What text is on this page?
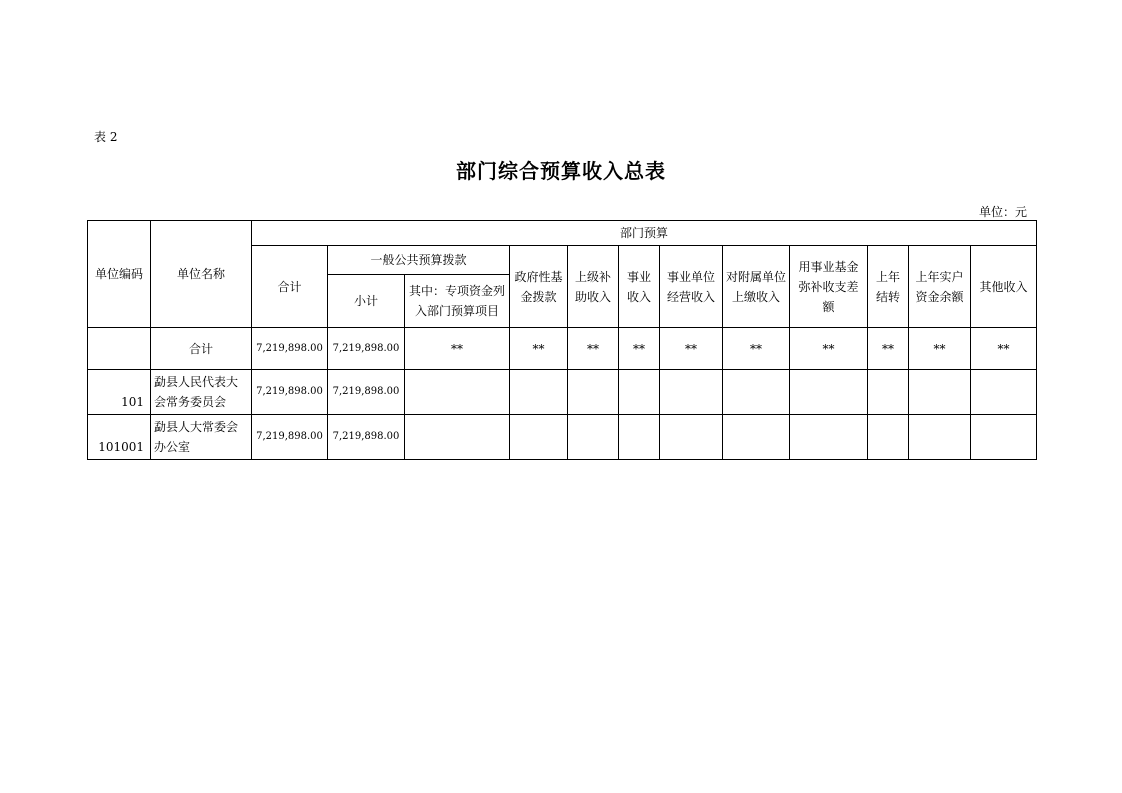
表 2
部门综合预算收入总表
单位：元
单位编码	单位名称	部门预算											
		合计	一般公共预算拨款		政府性基金拨款	上级补助收入	事业收入	事业单位经营收入	对附属单位上缴收入	用事业基金弥补收支差额	上年结转	上年实户资金余额	其他收入
			小计	其中：专项资金列入部门预算项目									
	合计	7,219,898.00	7,219,898.00	**	**	**	**	**	**	**	**	**	**
101	勐县人民代表大会常务委员会	7,219,898.00	7,219,898.00										
101001	勐县人大常委会办公室	7,219,898.00	7,219,898.00										
